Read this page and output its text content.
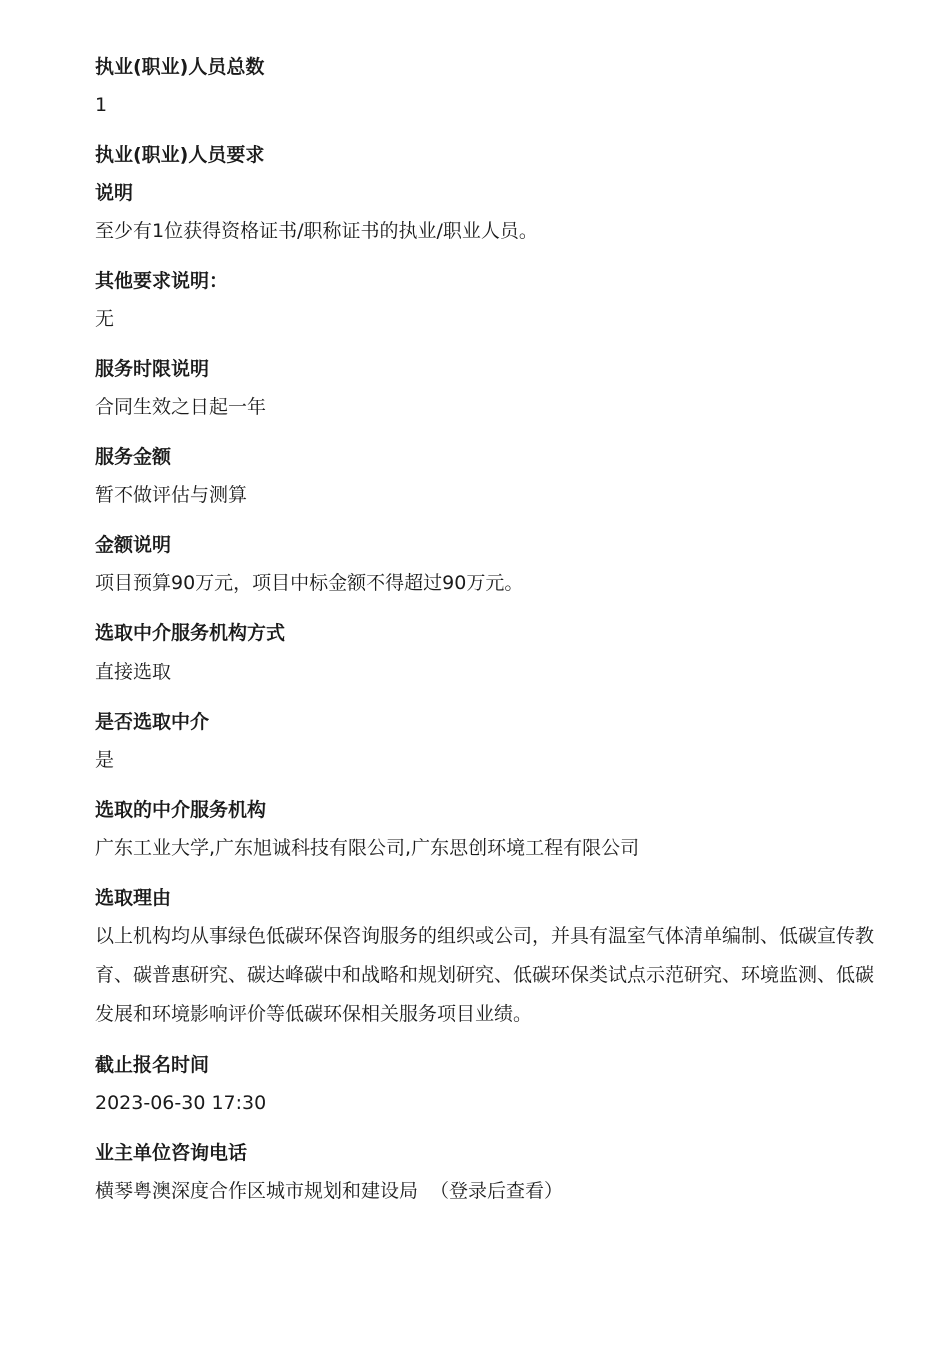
执业(职业)人员总数

1

执业(职业)人员要求

说明

至少有1位获得资格证书/职称证书的执业/职业人员。

其他要求说明：

无

服务时限说明

合同生效之日起一年

服务金额

暂不做评估与测算

金额说明

项目预算90万元，项目中标金额不得超过90万元。

选取中介服务机构方式

直接选取

是否选取中介

是

选取的中介服务机构

广东工业大学,广东旭诚科技有限公司,广东思创环境工程有限公司

选取理由

以上机构均从事绿色低碳环保咨询服务的组织或公司，并具有温室气体清单编制、低碳宣传教育、碳普惠研究、碳达峰碳中和战略和规划研究、低碳环保类试点示范研究、环境监测、低碳发展和环境影响评价等低碳环保相关服务项目业绩。

截止报名时间

2023-06-30 17:30

业主单位咨询电话

横琴粤澳深度合作区城市规划和建设局 （登录后查看）
